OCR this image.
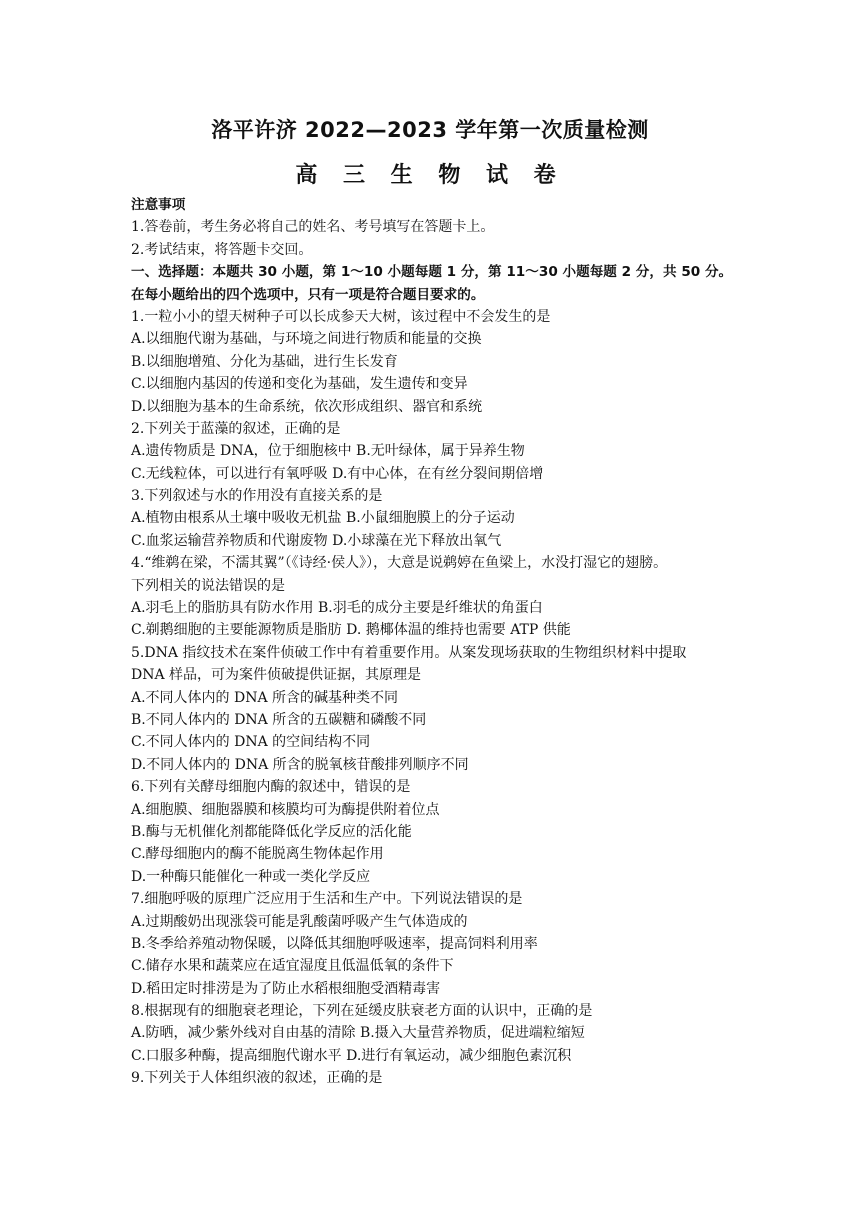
洛平许济 2022—2023 学年第一次质量检测
高 三 生 物 试 卷
注意事项
1.答卷前，考生务必将自己的姓名、考号填写在答题卡上。
2.考试结束，将答题卡交回。
一、选择题：本题共 30 小题，第 1～10 小题每题 1 分，第 11～30 小题每题 2 分，共 50 分。
在每小题给出的四个选项中，只有一项是符合题目要求的。
1.一粒小小的望天树种子可以长成参天大树，该过程中不会发生的是
A.以细胞代谢为基础，与环境之间进行物质和能量的交换
B.以细胞增殖、分化为基础，进行生长发育
C.以细胞内基因的传递和变化为基础，发生遗传和变异
D.以细胞为基本的生命系统，依次形成组织、器官和系统
2.下列关于蓝藻的叙述，正确的是
A.遗传物质是 DNA，位于细胞核中 B.无叶绿体，属于异养生物
C.无线粒体，可以进行有氧呼吸 D.有中心体，在有丝分裂间期倍增
3.下列叙述与水的作用没有直接关系的是
A.植物由根系从土壤中吸收无机盐 B.小鼠细胞膜上的分子运动
C.血浆运输营养物质和代谢废物 D.小球藻在光下释放出氧气
4.“维鹈在梁，不濡其翼”（《诗经·侯人》），大意是说鹈婷在鱼梁上，水没打湿它的翅膀。
下列相关的说法错误的是
A.羽毛上的脂肪具有防水作用 B.羽毛的成分主要是纤维状的角蛋白
C.剃鹅细胞的主要能源物质是脂肪 D. 鹅椰体温的维持也需要 ATP 供能
5.DNA 指纹技术在案件侦破工作中有着重要作用。从案发现场获取的生物组织材料中提取
DNA 样品，可为案件侦破提供证据，其原理是
A.不同人体内的 DNA 所含的碱基种类不同
B.不同人体内的 DNA 所含的五碳糖和磷酸不同
C.不同人体内的 DNA 的空间结构不同
D.不同人体内的 DNA 所含的脱氧核苷酸排列顺序不同
6.下列有关酵母细胞内酶的叙述中，错误的是
A.细胞膜、细胞器膜和核膜均可为酶提供附着位点
B.酶与无机催化剂都能降低化学反应的活化能
C.酵母细胞内的酶不能脱离生物体起作用
D.一种酶只能催化一种或一类化学反应
7.细胞呼吸的原理广泛应用于生活和生产中。下列说法错误的是
A.过期酸奶出现涨袋可能是乳酸菌呼吸产生气体造成的
B.冬季给养殖动物保暖，以降低其细胞呼吸速率，提高饲料利用率
C.储存水果和蔬菜应在适宜湿度且低温低氧的条件下
D.稻田定时排涝是为了防止水稻根细胞受酒精毒害
8.根据现有的细胞衰老理论，下列在延缓皮肤衰老方面的认识中，正确的是
A.防晒，减少紫外线对自由基的清除 B.摄入大量营养物质，促进端粒缩短
C.口服多种酶，提高细胞代谢水平 D.进行有氧运动，减少细胞色素沉积
9.下列关于人体组织液的叙述，正确的是
